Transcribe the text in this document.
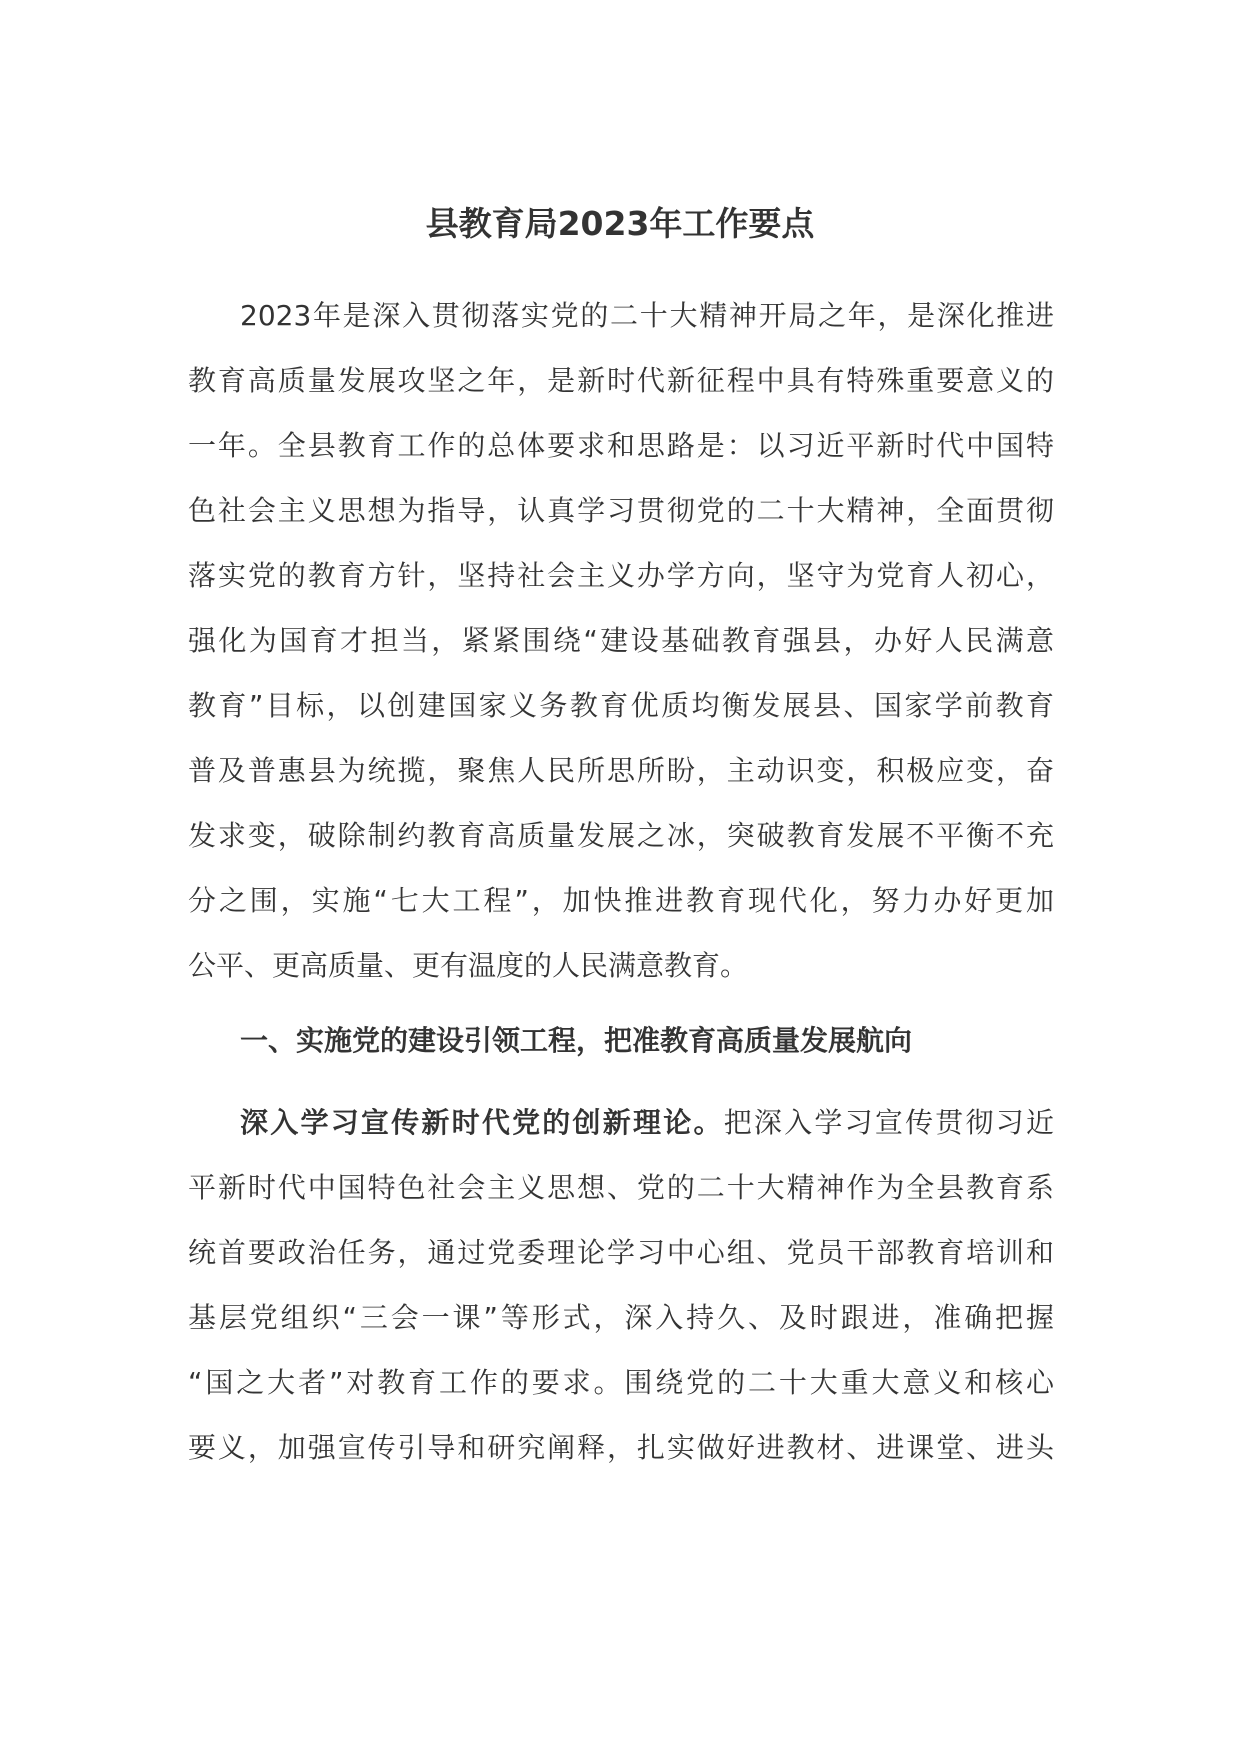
县教育局2023年工作要点
2023年是深入贯彻落实党的二十大精神开局之年，是深化推进
教育高质量发展攻坚之年，是新时代新征程中具有特殊重要意义的
一年。全县教育工作的总体要求和思路是：以习近平新时代中国特
色社会主义思想为指导，认真学习贯彻党的二十大精神，全面贯彻
落实党的教育方针，坚持社会主义办学方向，坚守为党育人初心，
强化为国育才担当，紧紧围绕“建设基础教育强县，办好人民满意
教育”目标，以创建国家义务教育优质均衡发展县、国家学前教育
普及普惠县为统揽，聚焦人民所思所盼，主动识变，积极应变，奋
发求变，破除制约教育高质量发展之冰，突破教育发展不平衡不充
分之围，实施“七大工程”，加快推进教育现代化，努力办好更加
公平、更高质量、更有温度的人民满意教育。
一、实施党的建设引领工程，把准教育高质量发展航向
深入学习宣传新时代党的创新理论。把深入学习宣传贯彻习近
平新时代中国特色社会主义思想、党的二十大精神作为全县教育系
统首要政治任务，通过党委理论学习中心组、党员干部教育培训和
基层党组织“三会一课”等形式，深入持久、及时跟进，准确把握
“国之大者”对教育工作的要求。围绕党的二十大重大意义和核心
要义，加强宣传引导和研究阐释，扎实做好进教材、进课堂、进头
